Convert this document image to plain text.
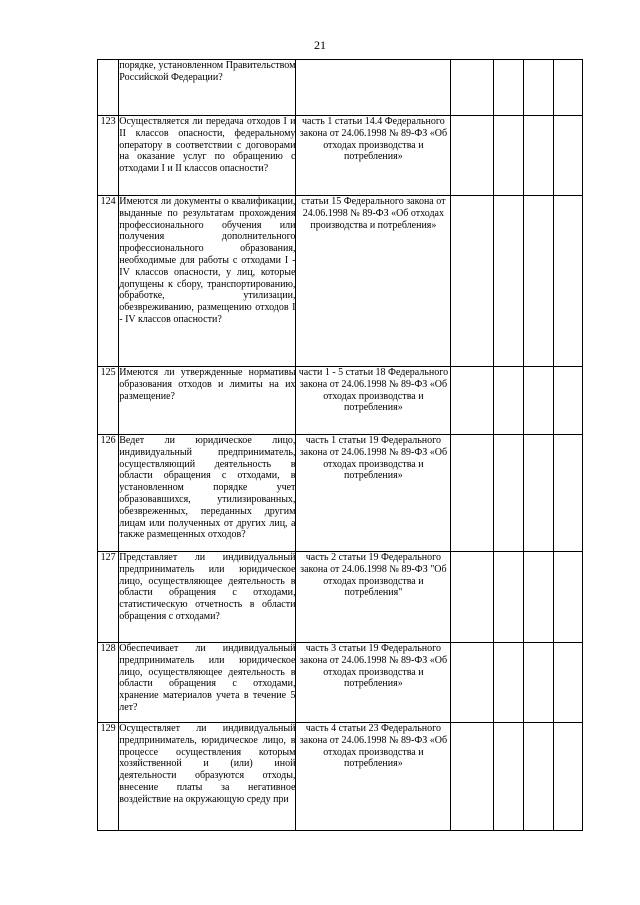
21

	порядке, установленном Правительством Российской Федерации?					

123	Осуществляется ли передача отходов I и II классов опасности, федеральному оператору в соответствии с договорами на оказание услуг по обращению с отходами I и II классов опасности?	часть 1 статьи 14.4 Федерального закона от 24.06.1998 № 89-ФЗ «Об отходах производства и потребления»				
124	Имеются ли документы о квалификации, выданные по результатам прохождения профессионального обучения или получения дополнительного профессионального образования, необходимые для работы с отходами I - IV классов опасности, у лиц, которые допущены к сбору, транспортированию, обработке, утилизации, обезвреживанию, размещению отходов I - IV классов опасности?	статьи 15 Федерального закона от 24.06.1998 № 89-ФЗ «Об отходах производства и потребления»				
125	Имеются ли утвержденные нормативы образования отходов и лимиты на их размещение?	части 1 - 5 статьи 18 Федерального закона от 24.06.1998 № 89-ФЗ «Об отходах производства и потребления»				
126	Ведет ли юридическое лицо, индивидуальный предприниматель, осуществляющий деятельность в области обращения с отходами, в установленном порядке учет образовавшихся, утилизированных, обезвреженных, переданных другим лицам или полученных от других лиц, а также размещенных отходов?	часть 1 статьи 19 Федерального закона от 24.06.1998 № 89-ФЗ «Об отходах производства и потребления»				
127	Представляет ли индивидуальный предприниматель или юридическое лицо, осуществляющее деятельность в области обращения с отходами, статистическую отчетность в области обращения с отходами?	часть 2 статьи 19 Федерального закона от 24.06.1998 № 89-ФЗ "Об отходах производства и потребления"				
128	Обеспечивает ли индивидуальный предприниматель или юридическое лицо, осуществляющее деятельность в области обращения с отходами, хранение материалов учета в течение 5 лет?	часть 3 статьи 19 Федерального закона от 24.06.1998 № 89-ФЗ «Об отходах производства и потребления»				
129	Осуществляет ли индивидуальный предприниматель, юридическое лицо, в процессе осуществления которым хозяйственной и (или) иной деятельности образуются отходы, внесение платы за негативное воздействие на окружающую среду при	часть 4 статьи 23 Федерального закона от 24.06.1998 № 89-ФЗ «Об отходах производства и потребления»				
